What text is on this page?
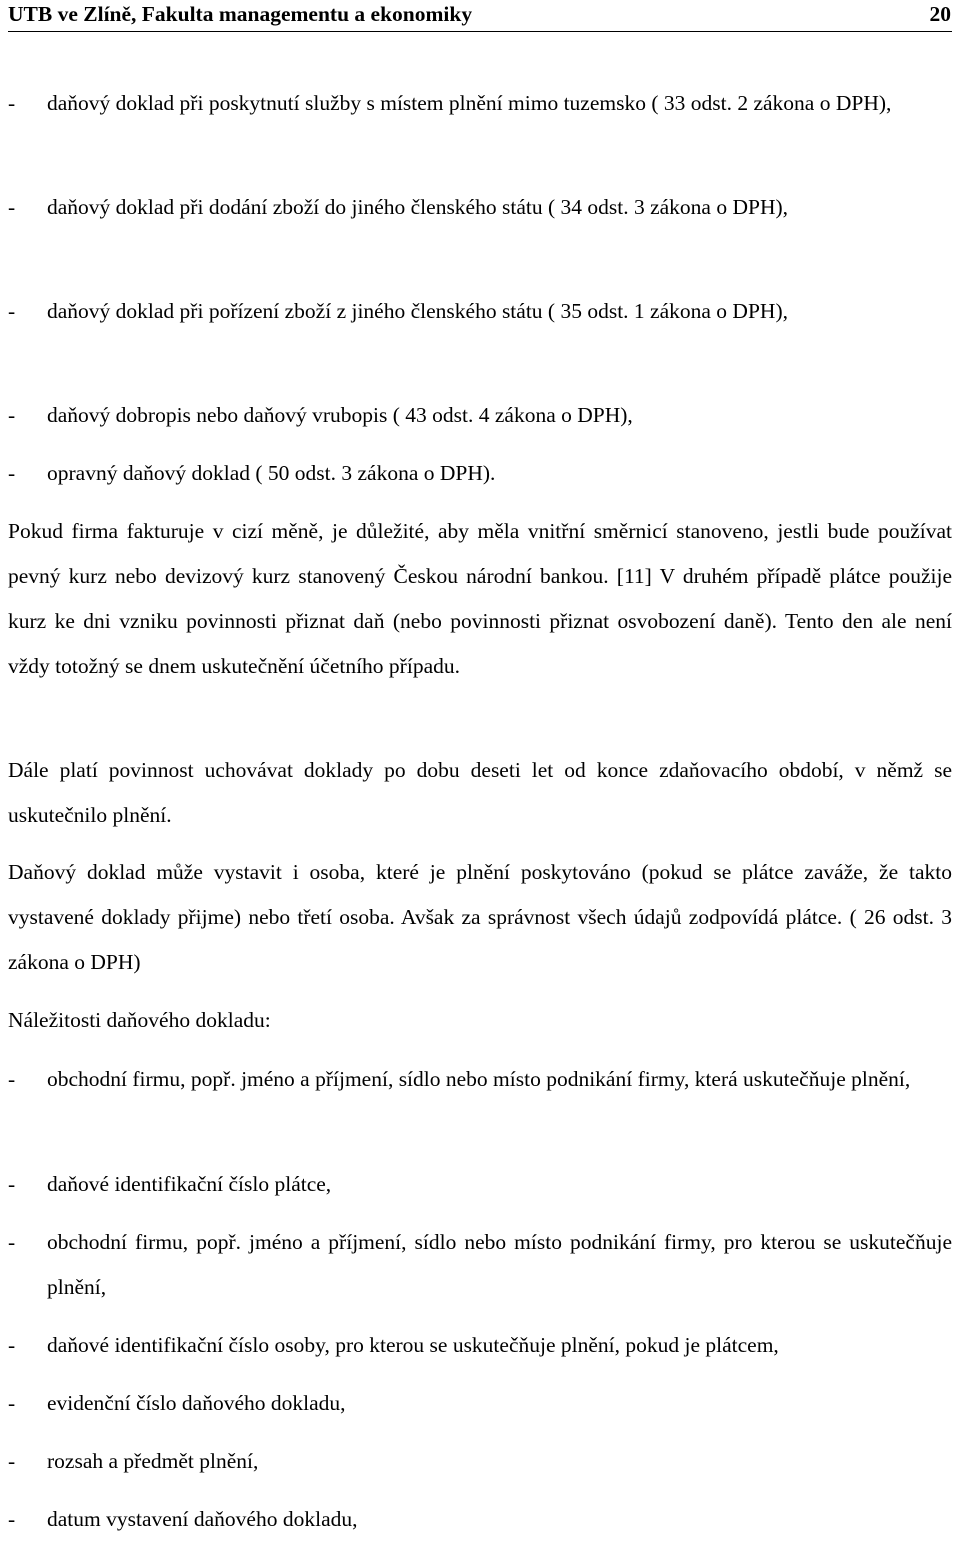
UTB ve Zlíně, Fakulta managementu a ekonomiky	20
- daňový doklad při poskytnutí služby s místem plnění mimo tuzemsko ( 33 odst. 2 zákona o DPH),
- daňový doklad při dodání zboží do jiného členského státu ( 34 odst. 3 zákona o DPH),
- daňový doklad při pořízení zboží z jiného členského státu ( 35 odst. 1 zákona o DPH),
- daňový dobropis nebo daňový vrubopis ( 43 odst. 4 zákona o DPH),
- opravný daňový doklad ( 50 odst. 3 zákona o DPH).

Pokud firma fakturuje v cizí měně, je důležité, aby měla vnitřní směrnicí stanoveno, jestli bude používat pevný kurz nebo devizový kurz stanovený Českou národní bankou. [11] V druhém případě plátce použije kurz ke dni vzniku povinnosti přiznat daň (nebo povinnosti přiznat osvobození daně). Tento den ale není vždy totožný se dnem uskutečnění účetního případu.

Dále platí povinnost uchovávat doklady po dobu deseti let od konce zdaňovacího období, v němž se uskutečnilo plnění.

Daňový doklad může vystavit i osoba, které je plnění poskytováno (pokud se plátce zaváže, že takto vystavené doklady přijme) nebo třetí osoba. Avšak za správnost všech údajů zodpovídá plátce. ( 26 odst. 3 zákona o DPH)

Náležitosti daňového dokladu:

- obchodní firmu, popř. jméno a příjmení, sídlo nebo místo podnikání firmy, která uskutečňuje plnění,
- daňové identifikační číslo plátce,
- obchodní firmu, popř. jméno a příjmení, sídlo nebo místo podnikání firmy, pro kterou se uskutečňuje plnění,
- daňové identifikační číslo osoby, pro kterou se uskutečňuje plnění, pokud je plátcem,
- evidenční číslo daňového dokladu,
- rozsah a předmět plnění,
- datum vystavení daňového dokladu,
